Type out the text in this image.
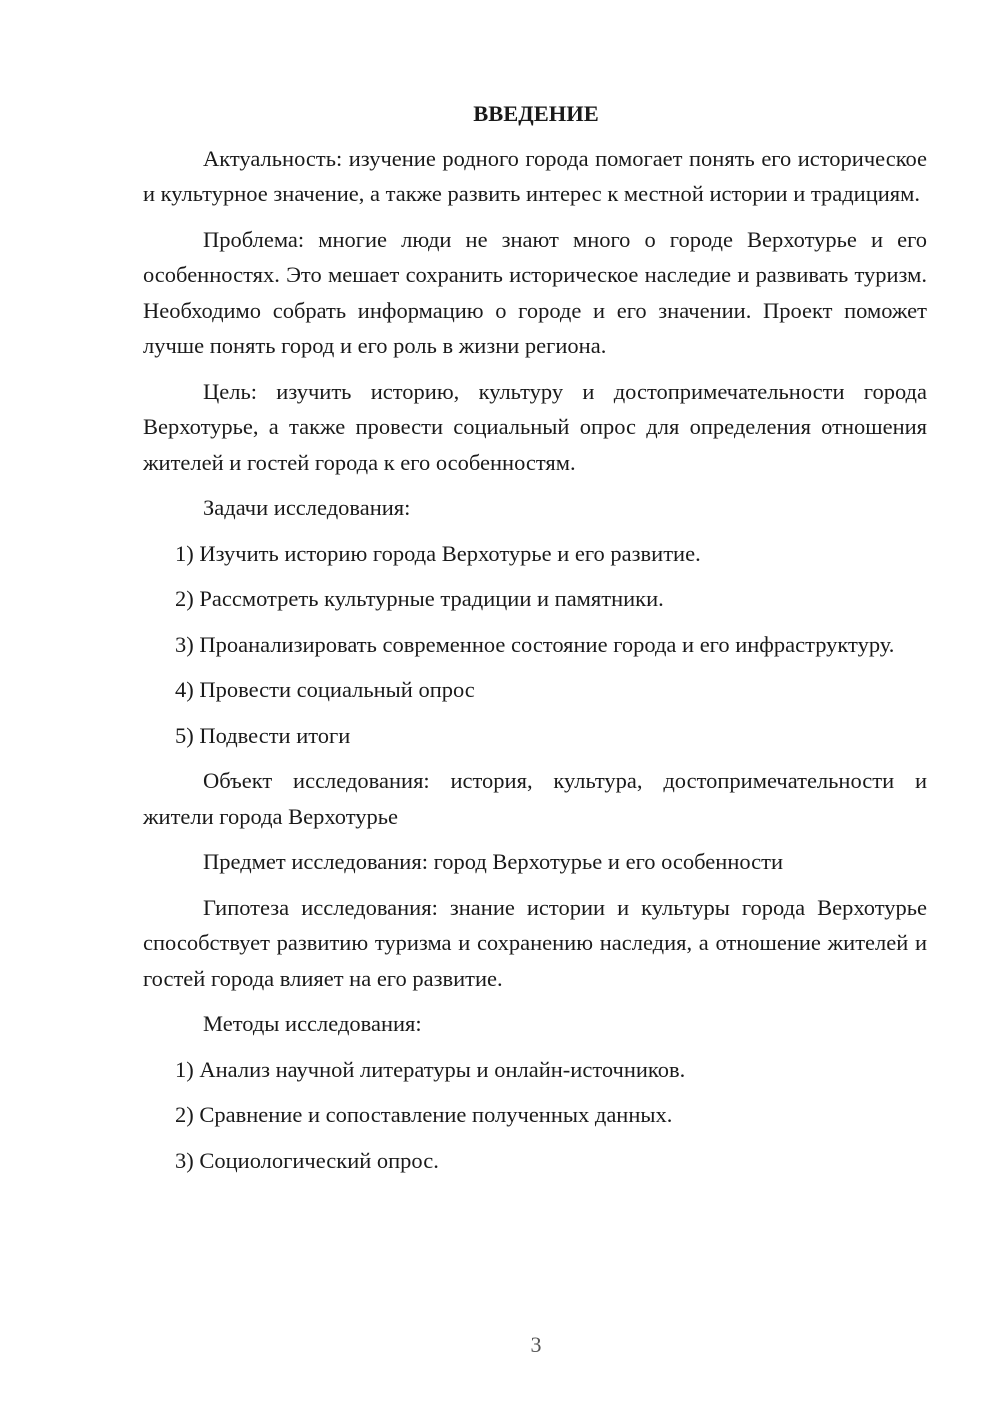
ВВЕДЕНИЕ

Актуальность: изучение родного города помогает понять его историческое и культурное значение, а также развить интерес к местной истории и традициям.

Проблема: многие люди не знают много о городе Верхотурье и его особенностях. Это мешает сохранить историческое наследие и развивать туризм. Необходимо собрать информацию о городе и его значении. Проект поможет лучше понять город и его роль в жизни региона.

Цель: изучить историю, культуру и достопримечательности города Верхотурье, а также провести социальный опрос для определения отношения жителей и гостей города к его особенностям.

Задачи исследования:

1) Изучить историю города Верхотурье и его развитие.

2) Рассмотреть культурные традиции и памятники.

3) Проанализировать современное состояние города и его инфраструктуру.

4) Провести социальный опрос

5) Подвести итоги

Объект исследования: история, культура, достопримечательности и жители города Верхотурье

Предмет исследования: город Верхотурье и его особенности

Гипотеза исследования: знание истории и культуры города Верхотурье способствует развитию туризма и сохранению наследия, а отношение жителей и гостей города влияет на его развитие.

Методы исследования:

1) Анализ научной литературы и онлайн-источников.

2) Сравнение и сопоставление полученных данных.

3) Социологический опрос.

3
